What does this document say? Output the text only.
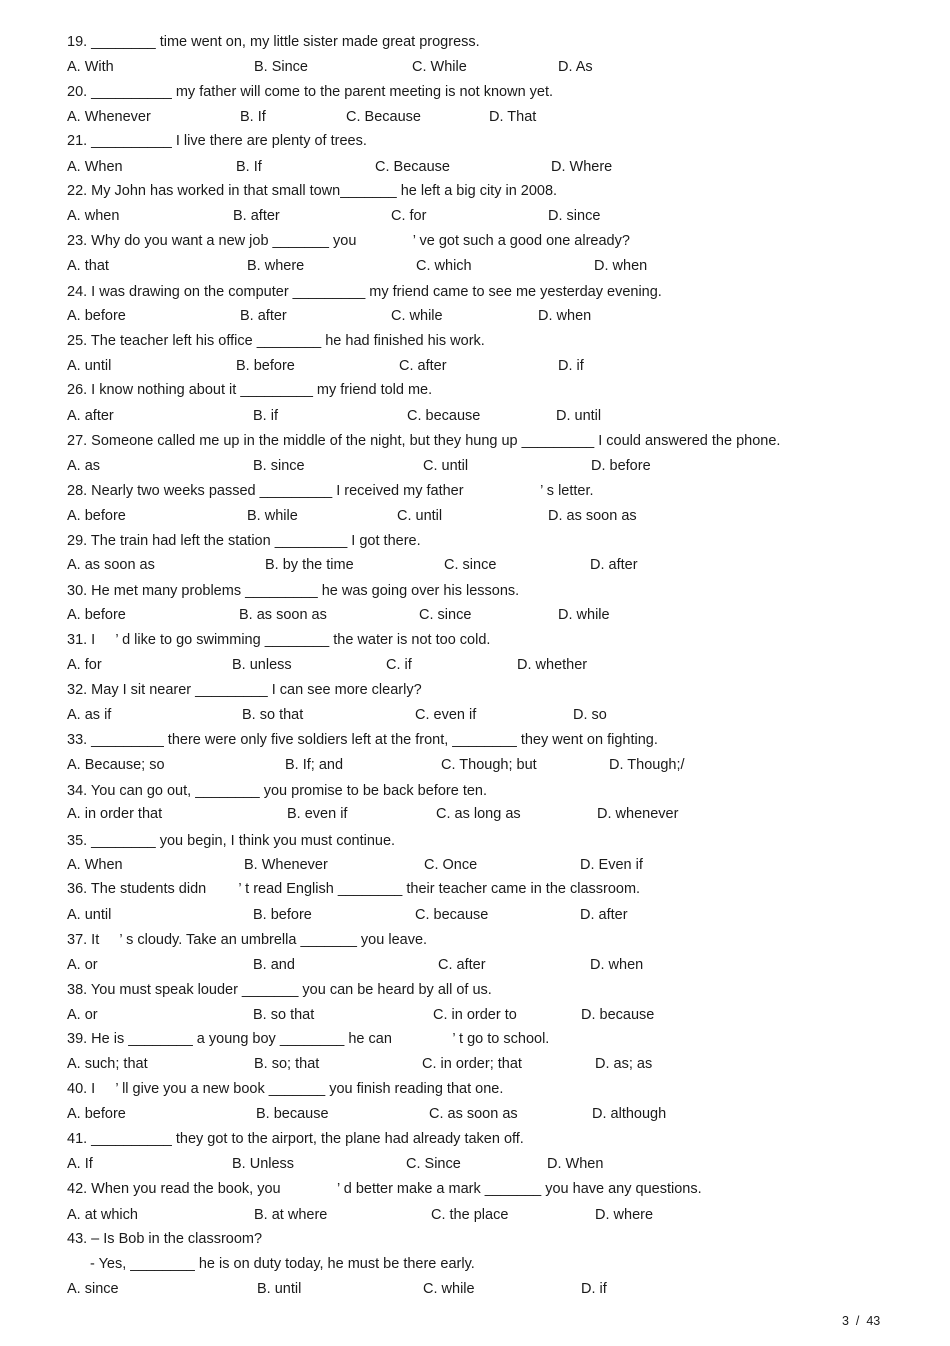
3  /  43
19. ________ time went on, my little sister made great progress.
A. With	B. Since	C. While	D. As
20. __________ my father will come to the parent meeting is not known yet.
A. Whenever	B. If	C. Because	D. That
21. __________ I live there are plenty of trees.
A. When	B. If	C. Because	D. Where
22. My John has worked in that small town_______ he left a big city in 2008.
A. when	B. after	C. for	D. since
23. Why do you want a new job _______ you              ’ ve got such a good one already?
A. that	B. where	C. which	D. when
24. I was drawing on the computer _________ my friend came to see me yesterday evening.
A. before	B. after	C. while	D. when
25. The teacher left his office ________ he had finished his work.
A. until	B. before	C. after	D. if
26. I know nothing about it _________ my friend told me.
A. after	B. if	C. because	D. until
27. Someone called me up in the middle of the night, but they hung up _________ I could answered the phone.
A. as	B. since	C. until	D. before
28. Nearly two weeks passed _________ I received my father                   ’ s letter.
A. before	B. while	C. until	D. as soon as
29. The train had left the station _________ I got there.
A. as soon as	B. by the time	C. since	D. after
30. He met many problems _________ he was going over his lessons.
A. before	B. as soon as	C. since	D. while
31. I     ’ d like to go swimming ________ the water is not too cold.
A. for	B. unless	C. if	D. whether
32. May I sit nearer _________ I can see more clearly?
A. as if	B. so that	C. even if	D. so
33. _________ there were only five soldiers left at the front, ________ they went on fighting.
A. Because; so	B. If; and	C. Though; but	D. Though;/
34. You can go out, ________ you promise to be back before ten.
A. in order that	B. even if	C. as long as	D. whenever
35. ________ you begin, I think you must continue.
A. When	B. Whenever	C. Once	D. Even if
36. The students didn        ’ t read English ________ their teacher came in the classroom.
A. until	B. before	C. because	D. after
37. It     ’ s cloudy. Take an umbrella _______ you leave.
A. or	B. and	C. after	D. when
38. You must speak louder _______ you can be heard by all of us.
A. or	B. so that	C. in order to	D. because
39. He is ________ a young boy ________ he can               ’ t go to school.
A. such; that	B. so; that	C. in order; that	D. as; as
40. I     ’ ll give you a new book _______ you finish reading that one.
A. before	B. because	C. as soon as	D. although
41. __________ they got to the airport, the plane had already taken off.
A. If	B. Unless	C. Since	D. When
42. When you read the book, you              ’ d better make a mark _______ you have any questions.
A. at which	B. at where	C. the place	D. where
43. – Is Bob in the classroom?
- Yes, ________ he is on duty today, he must be there early.
A. since	B. until	C. while	D. if
